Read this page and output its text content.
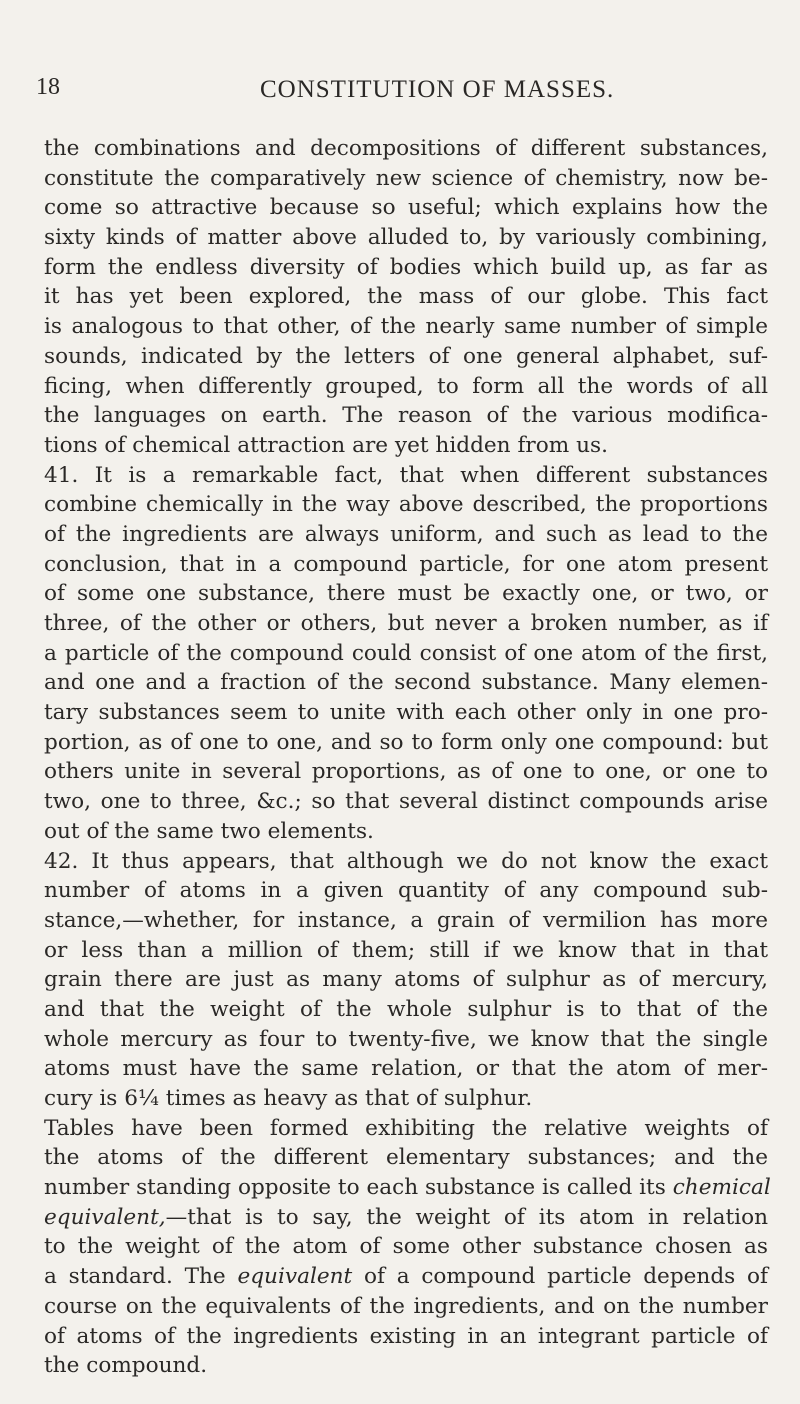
18	CONSTITUTION OF MASSES.
the combinations and decompositions of different substances,
constitute the comparatively new science of chemistry, now be-
come so attractive because so useful; which explains how the
sixty kinds of matter above alluded to, by variously combining,
form the endless diversity of bodies which build up, as far as
it has yet been explored, the mass of our globe. This fact
is analogous to that other, of the nearly same number of simple
sounds, indicated by the letters of one general alphabet, suf-
ficing, when differently grouped, to form all the words of all
the languages on earth. The reason of the various modifica-
tions of chemical attraction are yet hidden from us.
41. It is a remarkable fact, that when different substances
combine chemically in the way above described, the proportions
of the ingredients are always uniform, and such as lead to the
conclusion, that in a compound particle, for one atom present
of some one substance, there must be exactly one, or two, or
three, of the other or others, but never a broken number, as if
a particle of the compound could consist of one atom of the first,
and one and a fraction of the second substance. Many elemen-
tary substances seem to unite with each other only in one pro-
portion, as of one to one, and so to form only one compound: but
others unite in several proportions, as of one to one, or one to
two, one to three, &c.; so that several distinct compounds arise
out of the same two elements.
42. It thus appears, that although we do not know the exact
number of atoms in a given quantity of any compound sub-
stance,—whether, for instance, a grain of vermilion has more
or less than a million of them; still if we know that in that
grain there are just as many atoms of sulphur as of mercury,
and that the weight of the whole sulphur is to that of the
whole mercury as four to twenty-five, we know that the single
atoms must have the same relation, or that the atom of mer-
cury is 6¼ times as heavy as that of sulphur.
Tables have been formed exhibiting the relative weights of
the atoms of the different elementary substances; and the
number standing opposite to each substance is called its chemical
equivalent,—that is to say, the weight of its atom in relation
to the weight of the atom of some other substance chosen as
a standard. The equivalent of a compound particle depends of
course on the equivalents of the ingredients, and on the number
of atoms of the ingredients existing in an integrant particle of
the compound.
